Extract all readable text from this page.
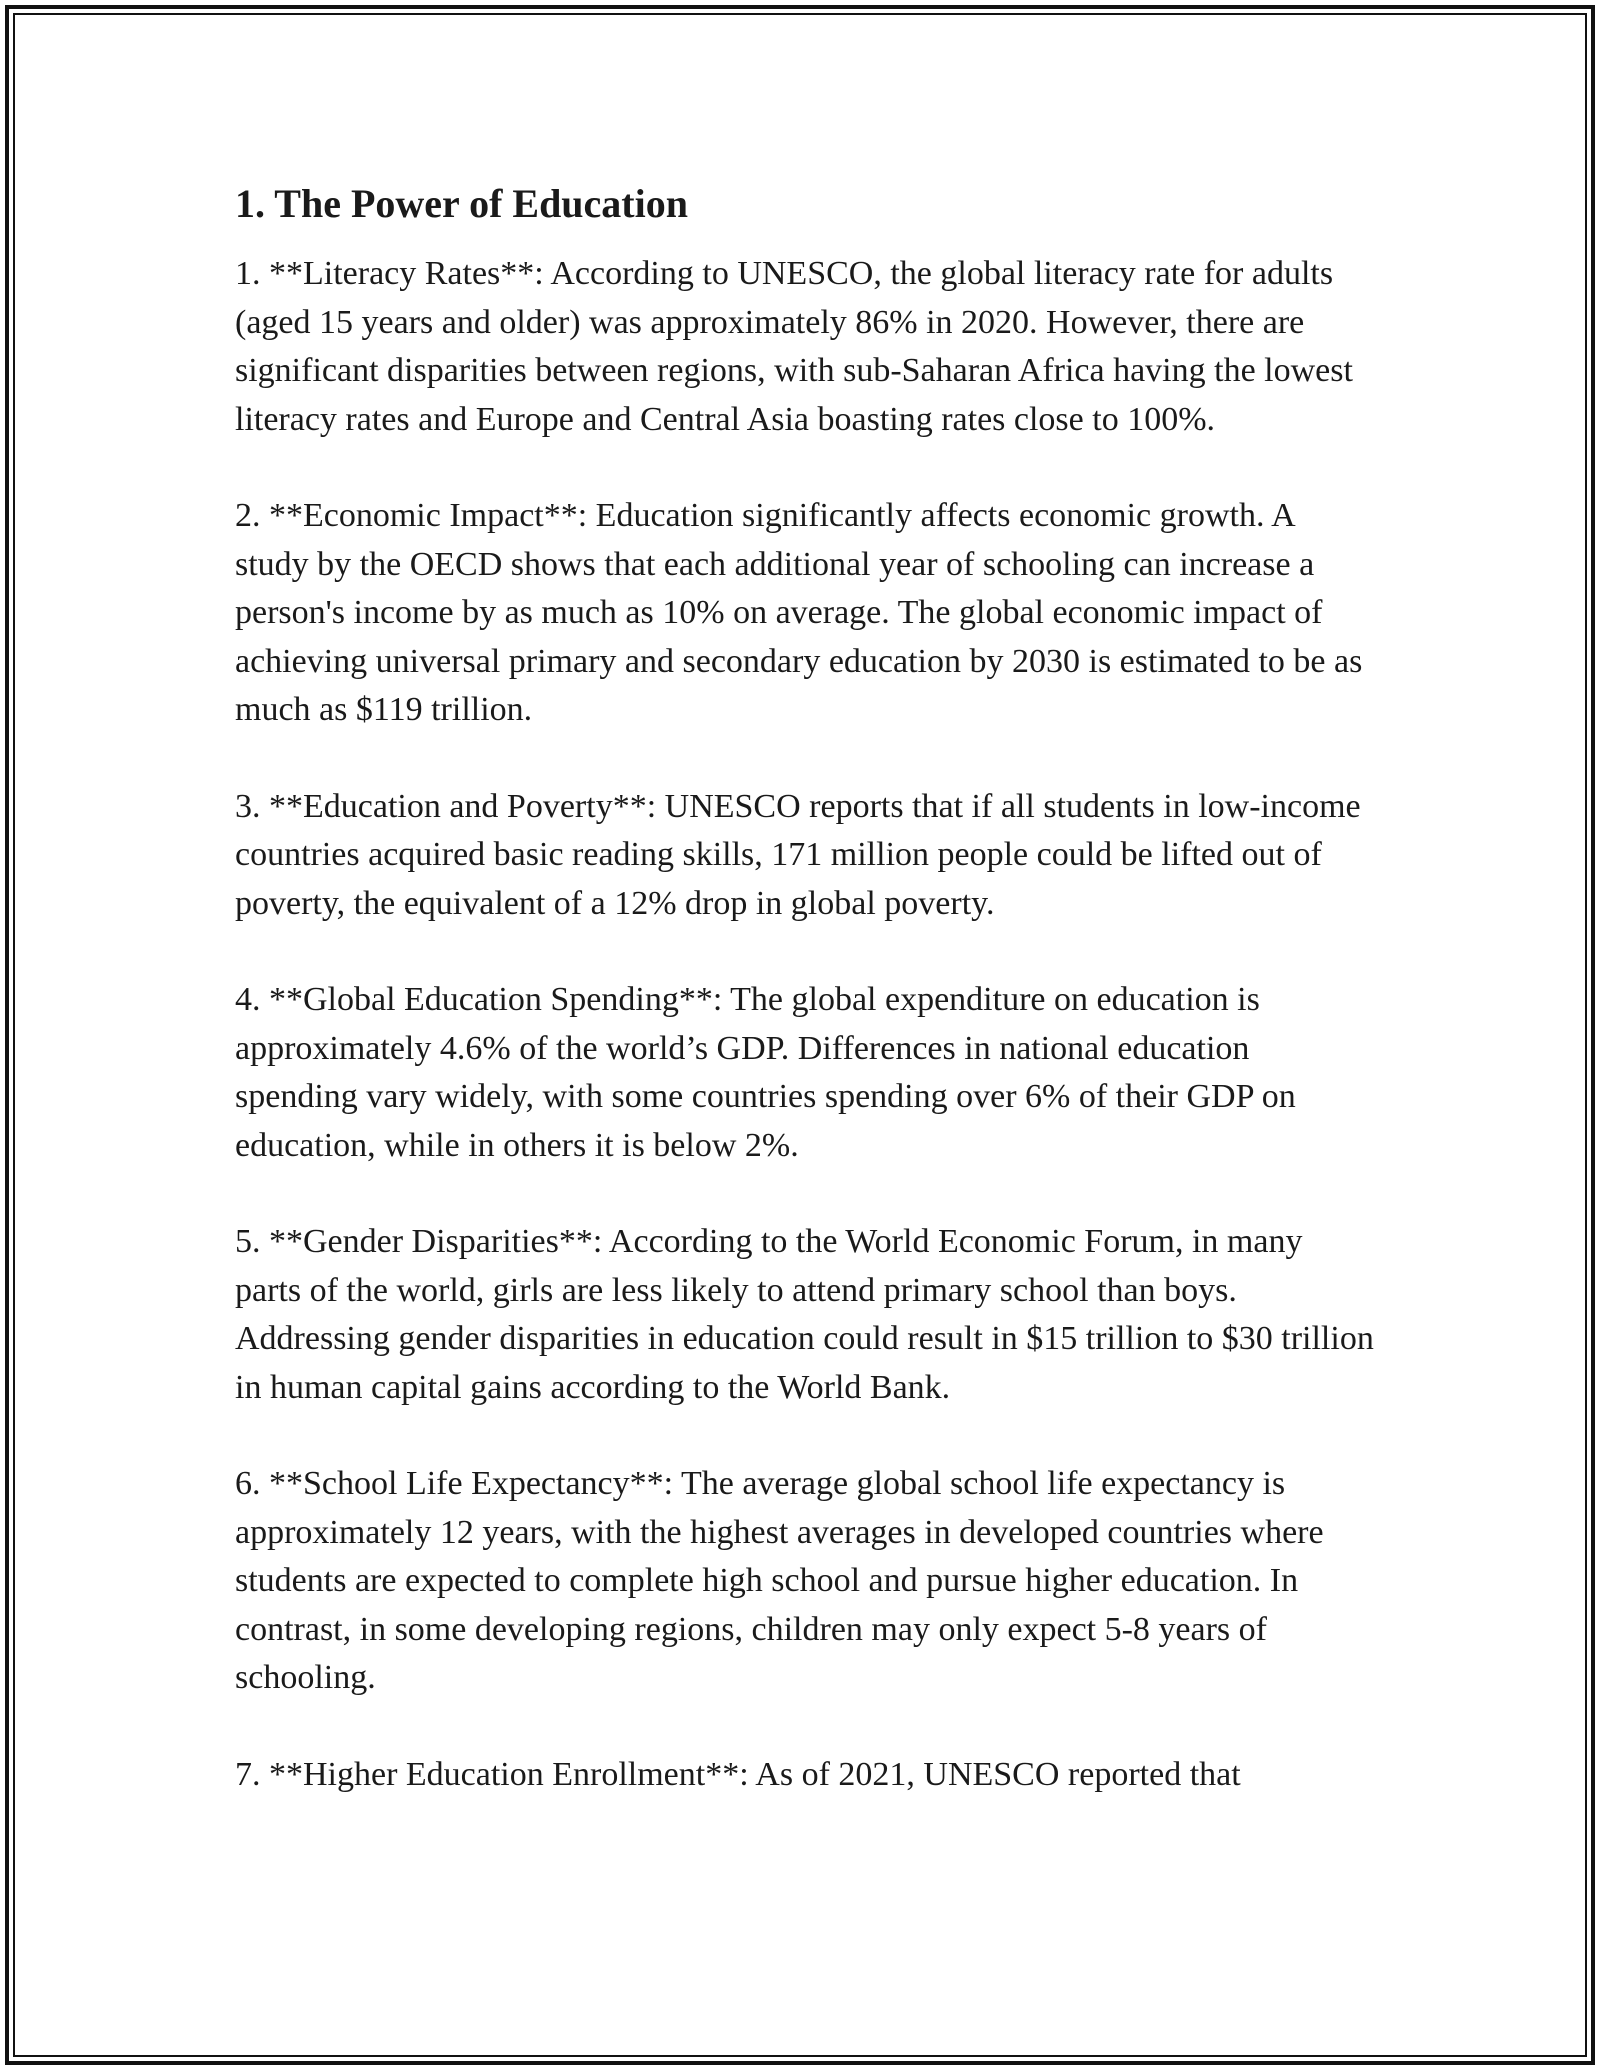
1. The Power of Education

1. **Literacy Rates**: According to UNESCO, the global literacy rate for adults (aged 15 years and older) was approximately 86% in 2020. However, there are significant disparities between regions, with sub-Saharan Africa having the lowest literacy rates and Europe and Central Asia boasting rates close to 100%.

2. **Economic Impact**: Education significantly affects economic growth. A study by the OECD shows that each additional year of schooling can increase a person's income by as much as 10% on average. The global economic impact of achieving universal primary and secondary education by 2030 is estimated to be as much as $119 trillion.

3. **Education and Poverty**: UNESCO reports that if all students in low-income countries acquired basic reading skills, 171 million people could be lifted out of poverty, the equivalent of a 12% drop in global poverty.

4. **Global Education Spending**: The global expenditure on education is approximately 4.6% of the world’s GDP. Differences in national education spending vary widely, with some countries spending over 6% of their GDP on education, while in others it is below 2%.

5. **Gender Disparities**: According to the World Economic Forum, in many parts of the world, girls are less likely to attend primary school than boys. Addressing gender disparities in education could result in $15 trillion to $30 trillion in human capital gains according to the World Bank.

6. **School Life Expectancy**: The average global school life expectancy is approximately 12 years, with the highest averages in developed countries where students are expected to complete high school and pursue higher education. In contrast, in some developing regions, children may only expect 5-8 years of schooling.

7. **Higher Education Enrollment**: As of 2021, UNESCO reported that
